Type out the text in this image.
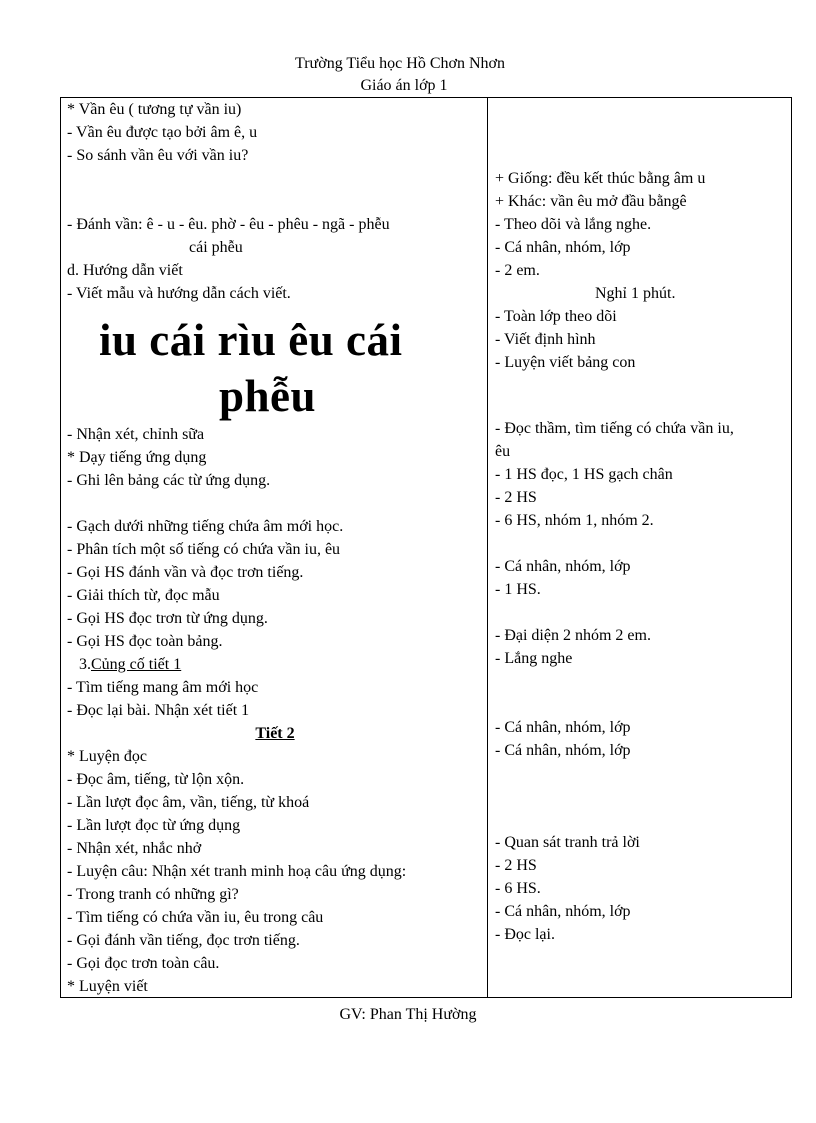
Trường Tiểu học Hồ Chơn Nhơn
Giáo án lớp 1
* Vần êu ( tương tự vần iu)
- Vần êu được tạo bởi âm ê, u
- So sánh vần êu với vần iu?
- Đánh vần: ê - u - êu. phờ - êu - phêu - ngã - phễu
cái phễu
d. Hướng dẫn viết
- Viết mẫu và hướng dẫn cách viết.
iu cái rìu êu cái
phễu
- Nhận xét, chỉnh sữa
* Dạy tiếng ứng dụng
- Ghi lên bảng các từ ứng dụng.
- Gạch dưới những tiếng chứa âm mới học.
- Phân tích một số tiếng có chứa vần iu, êu
- Gọi HS đánh vần và đọc trơn tiếng.
- Giải thích từ, đọc mẫu
- Gọi HS đọc trơn từ ứng dụng.
- Gọi HS đọc toàn bảng.
3.Củng cố tiết 1
- Tìm tiếng mang âm mới học
- Đọc lại bài. Nhận xét tiết 1
Tiết 2
* Luyện đọc
- Đọc âm, tiếng, từ lộn xộn.
- Lần lượt đọc âm, vần, tiếng, từ khoá
- Lần lượt đọc từ ứng dụng
- Nhận xét, nhắc nhở
- Luyện câu: Nhận xét tranh minh hoạ câu ứng dụng:
- Trong tranh có những gì?
- Tìm tiếng có chứa vần iu, êu trong câu
- Gọi đánh vần tiếng, đọc trơn tiếng.
- Gọi đọc trơn toàn câu.
* Luyện viết
+ Giống: đều kết thúc bằng âm u
+ Khác: vần êu mở đầu bằngê
- Theo dõi và lắng nghe.
- Cá nhân, nhóm, lớp
- 2 em.
Nghỉ 1 phút.
- Toàn lớp theo dõi
- Viết định hình
- Luyện viết bảng con
- Đọc thầm, tìm tiếng có chứa vần iu,
êu
- 1 HS đọc, 1 HS gạch chân
- 2 HS
- 6 HS, nhóm 1, nhóm 2.
- Cá nhân, nhóm, lớp
- 1 HS.
- Đại diện 2 nhóm 2 em.
- Lắng nghe
- Cá nhân, nhóm, lớp
- Cá nhân, nhóm, lớp
- Quan sát tranh trả lời
- 2 HS
- 6 HS.
- Cá nhân, nhóm, lớp
- Đọc lại.
GV: Phan Thị Hường
